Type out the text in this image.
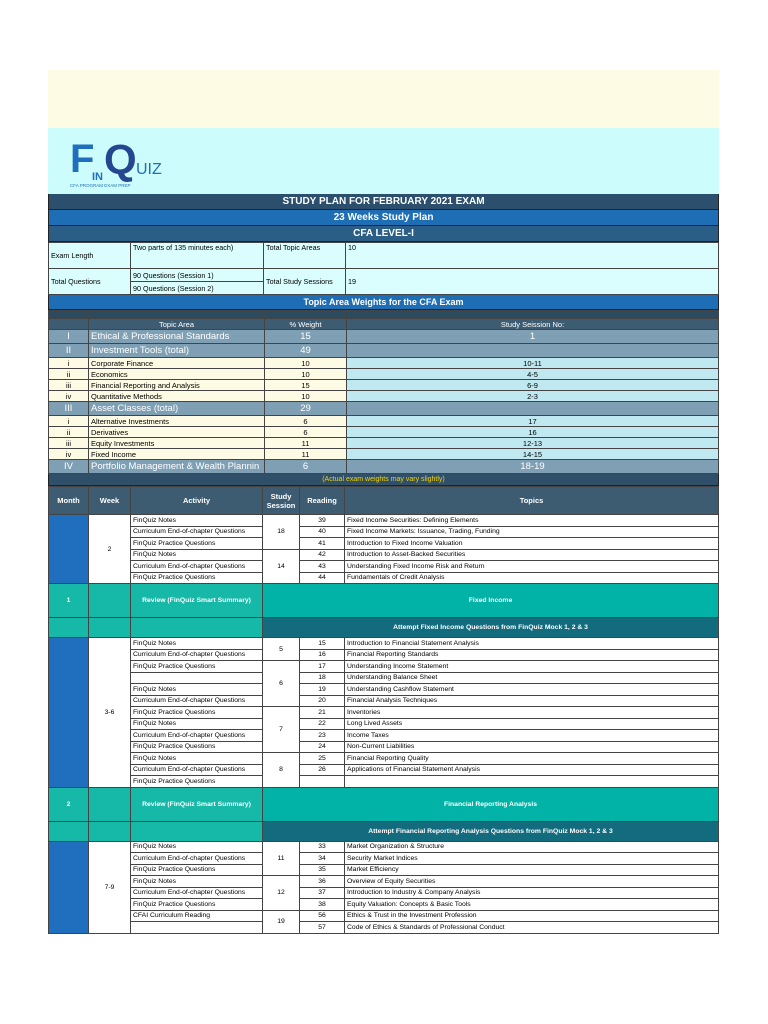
F
IN Q UIZ
CFA PROGRAM EXAM PREP
STUDY PLAN FOR FEBRUARY 2021 EXAM
23 Weeks Study Plan
CFA LEVEL-I
Exam Length	Two parts of 135 minutes each)	Total Topic Areas	10
Total Questions	90 Questions (Session 1)	Total Study Sessions	19
	90 Questions (Session 2)		
Topic Area Weights for the CFA Exam

	Topic Area	% Weight	Study Seission No:
I	Ethical & Professional Standards	15	1
II	Investment Tools (total)	49	
i	Corporate Finance	10	10-11
ii	Economics	10	4-5
iii	Financial Reporting and Analysis	15	6-9
iv	Quantitative Methods	10	2-3
III	Asset Classes (total)	29	
i	Alternative Investments	6	17
ii	Derivatives	6	16
iii	Equity Investments	11	12-13
iv	Fixed Income	11	14-15
IV	Portfolio Management & Wealth Plannin	6	18-19
(Actual exam weights may vary slightly)
Month	Week	Activity	Study Session	Reading	Topics
	2	FinQuiz Notes	18	39	Fixed Income Securities: Defining Elements
		Curriculum End-of-chapter Questions		40	Fixed Income Markets: Issuance, Trading, Funding
		FinQuiz Practice Questions		41	Introduction to Fixed Income Valuation
		FinQuiz Notes	14	42	Introduction to Asset-Backed Securities
		Curriculum End-of-chapter Questions		43	Understanding Fixed Income Risk and Return
		FinQuiz Practice Questions		44	Fundamentals of Credit Analysis
1		Review (FinQuiz Smart Summary)	Fixed Income		
			Attempt Fixed Income Questions from FinQuiz Mock 1, 2 & 3		
	3-6	FinQuiz Notes	5	15	Introduction to Financial Statement Analysis
		Curriculum End-of-chapter Questions		16	Financial Reporting Standards
		FinQuiz Practice Questions	6	17	Understanding Income Statement
				18	Understanding Balance Sheet
		FinQuiz Notes		19	Understanding Cashflow Statement
		Curriculum End-of-chapter Questions		20	Financial Analysis Techniques
		FinQuiz Practice Questions	7	21	Inventories
		FinQuiz Notes		22	Long Lived Assets
		Curriculum End-of-chapter Questions		23	Income Taxes
		FinQuiz Practice Questions		24	Non-Current Liabilities
		FinQuiz Notes	8	25	Financial Reporting Quality
		Curriculum End-of-chapter Questions		26	Applications of Financial Statement Analysis
		FinQuiz Practice Questions			
2		Review (FinQuiz Smart Summary)	Financial Reporting Analysis		
			Attempt Financial Reporting Analysis Questions from FinQuiz Mock 1, 2 & 3		
	7-9	FinQuiz Notes	11	33	Market Organization & Structure
		Curriculum End-of-chapter Questions		34	Security Market Indices
		FinQuiz Practice Questions		35	Market Efficiency
		FinQuiz Notes	12	36	Overview of Equity Securities
		Curriculum End-of-chapter Questions		37	Introduction to Industry & Company Analysis
		FinQuiz Practice Questions		38	Equity Valuation: Concepts & Basic Tools
		CFAI Curriculum Reading	19	56	Ethics & Trust in the Investment Profession
				57	Code of Ethics & Standards of Professional Conduct
